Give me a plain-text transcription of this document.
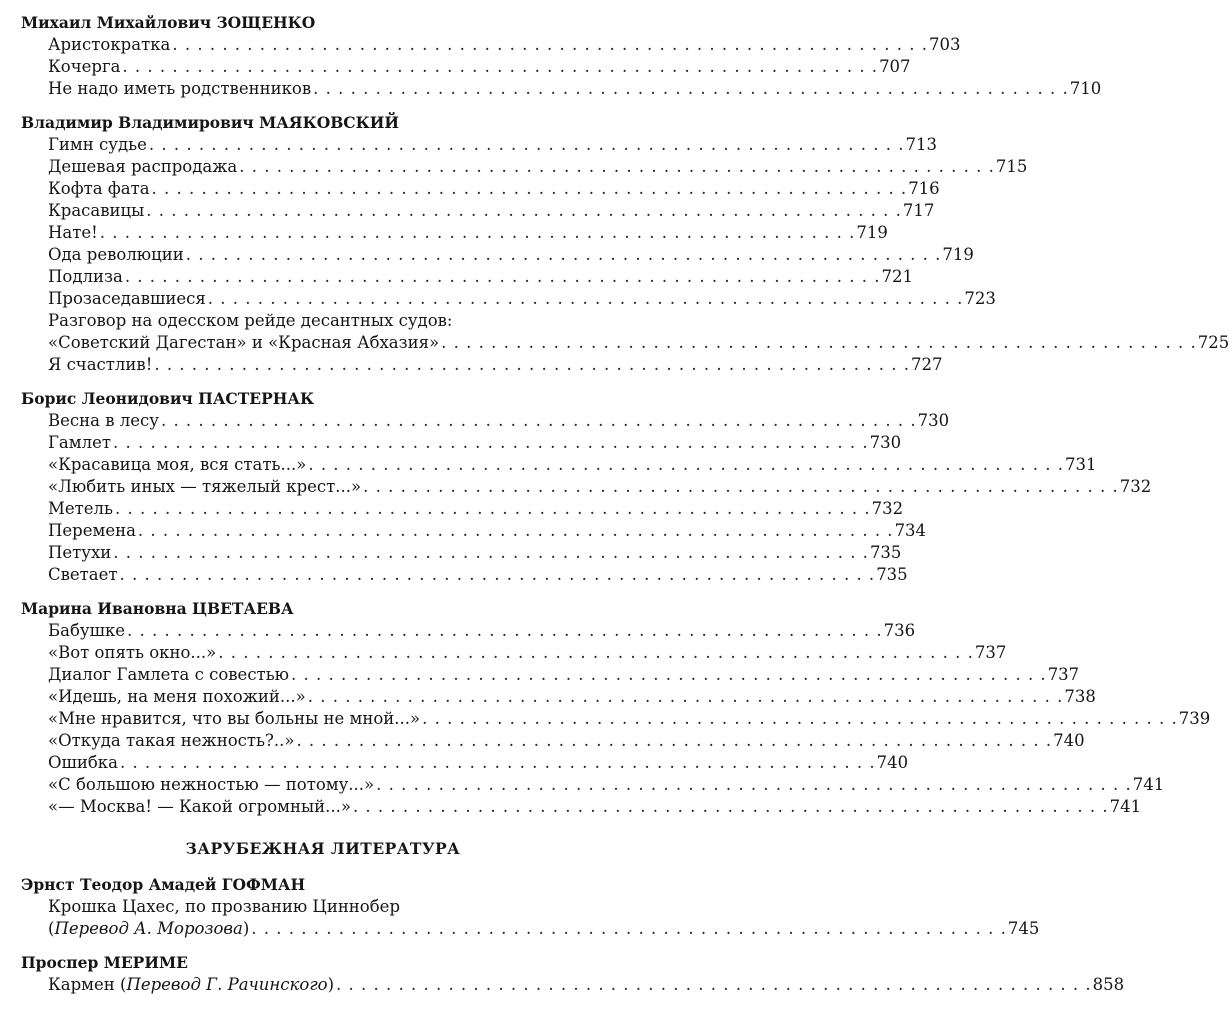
Михаил Михайлович ЗОЩЕНКО
Аристократка . . .	703
Кочерга . . .	707
Не надо иметь родственников . . .	710
Владимир Владимирович МАЯКОВСКИЙ
Гимн судье . . .	713
Дешевая распродажа . . .	715
Кофта фата . . .	716
Красавицы . . .	717
Нате! . . .	719
Ода революции . . .	719
Подлиза . . .	721
Прозаседавшиеся . . .	723
Разговор на одесском рейде десантных судов:
«Советский Дагестан» и «Красная Абхазия» . . .	725
Я счастлив! . . .	727
Борис Леонидович ПАСТЕРНАК
Весна в лесу . . .	730
Гамлет . . .	730
«Красавица моя, вся стать...» . . .	731
«Любить иных — тяжелый крест...» . . .	732
Метель . . .	732
Перемена . . .	734
Петухи . . .	735
Светает . . .	735
Марина Ивановна ЦВЕТАЕВА
Бабушке . . .	736
«Вот опять окно...» . . .	737
Диалог Гамлета с совестью . . .	737
«Идешь, на меня похожий...» . . .	738
«Мне нравится, что вы больны не мной...» . . .	739
«Откуда такая нежность?..» . . .	740
Ошибка . . .	740
«С большою нежностью — потому...» . . .	741
«— Москва! — Какой огромный...» . . .	741
ЗАРУБЕЖНАЯ ЛИТЕРАТУРА
Эрнст Теодор Амадей ГОФМАН
Крошка Цахес, по прозванию Циннобер
(Перевод А. Морозова) . . .	745
Проспер МЕРИМЕ
Кармен (Перевод Г. Рачинского) . . .	858
